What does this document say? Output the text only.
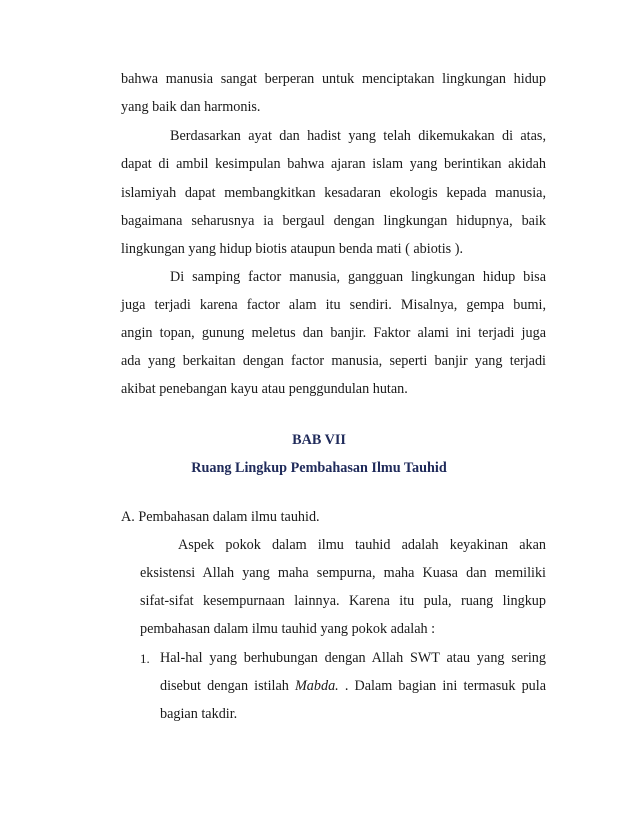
bahwa manusia sangat berperan untuk menciptakan lingkungan hidup
yang baik dan harmonis.
Berdasarkan ayat dan hadist yang telah dikemukakan di atas,
dapat di ambil kesimpulan bahwa ajaran islam yang berintikan akidah
islamiyah dapat membangkitkan kesadaran ekologis kepada manusia,
bagaimana seharusnya ia bergaul dengan lingkungan hidupnya, baik
lingkungan yang hidup biotis ataupun benda mati ( abiotis ).
Di samping factor manusia, gangguan lingkungan hidup bisa
juga terjadi karena factor alam itu sendiri. Misalnya, gempa bumi,
angin topan, gunung meletus dan banjir. Faktor alami ini terjadi juga
ada yang berkaitan dengan factor manusia, seperti banjir yang terjadi
akibat penebangan kayu atau penggundulan hutan.
BAB VII
Ruang Lingkup Pembahasan Ilmu Tauhid
A. Pembahasan dalam ilmu tauhid.
Aspek pokok dalam ilmu tauhid adalah keyakinan akan
eksistensi Allah yang maha sempurna, maha Kuasa dan memiliki
sifat-sifat kesempurnaan lainnya. Karena itu pula, ruang lingkup
pembahasan dalam ilmu tauhid yang pokok adalah :
1. Hal-hal yang berhubungan dengan Allah SWT atau yang sering
disebut dengan istilah Mabda. . Dalam bagian ini termasuk pula
bagian takdir.
